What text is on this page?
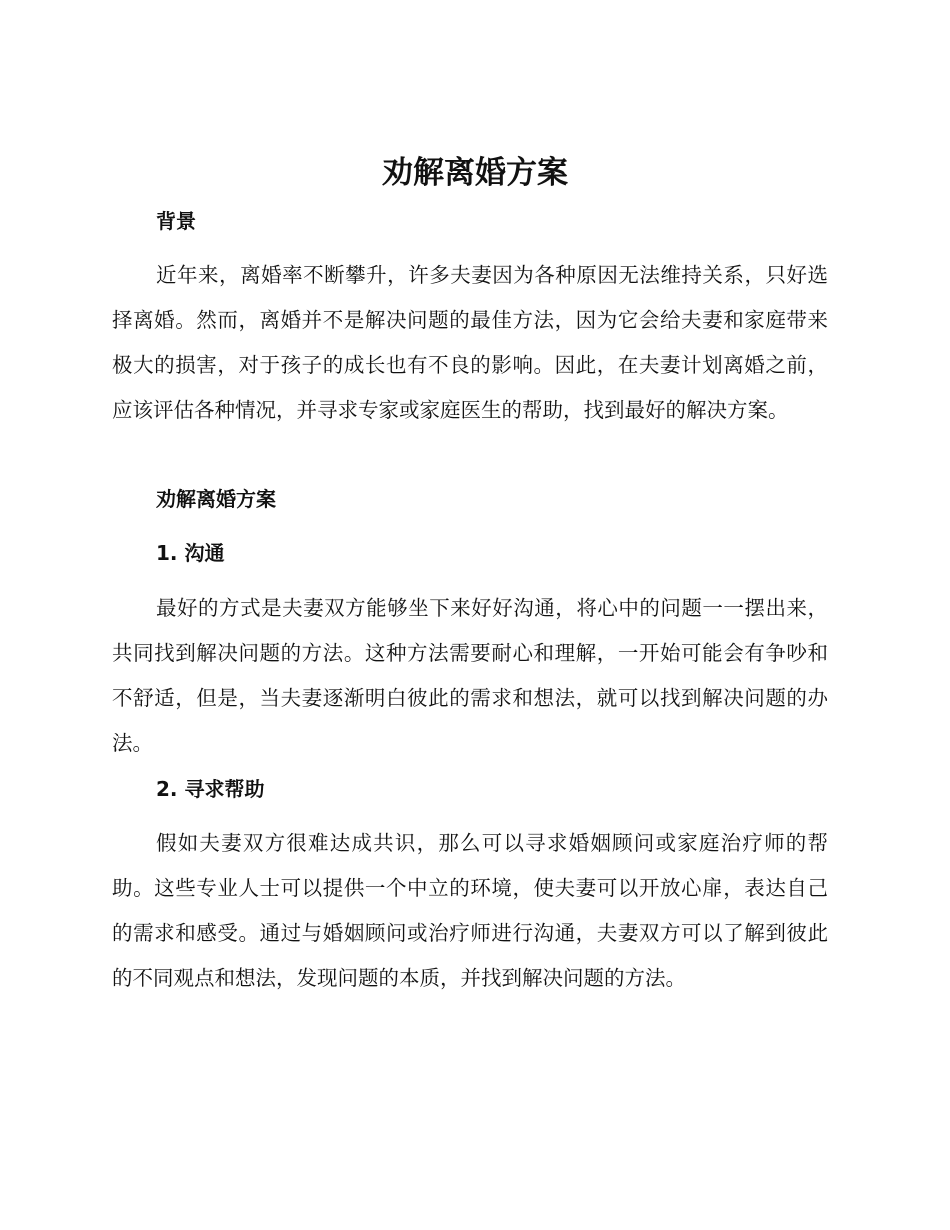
劝解离婚方案
背景

近年来，离婚率不断攀升，许多夫妻因为各种原因无法维持关系，只好选择离婚。然而，离婚并不是解决问题的最佳方法，因为它会给夫妻和家庭带来极大的损害，对于孩子的成长也有不良的影响。因此，在夫妻计划离婚之前，应该评估各种情况，并寻求专家或家庭医生的帮助，找到最好的解决方案。

劝解离婚方案
1. 沟通

最好的方式是夫妻双方能够坐下来好好沟通，将心中的问题一一摆出来，共同找到解决问题的方法。这种方法需要耐心和理解，一开始可能会有争吵和不舒适，但是，当夫妻逐渐明白彼此的需求和想法，就可以找到解决问题的办法。

2. 寻求帮助

假如夫妻双方很难达成共识，那么可以寻求婚姻顾问或家庭治疗师的帮助。这些专业人士可以提供一个中立的环境，使夫妻可以开放心扉，表达自己的需求和感受。通过与婚姻顾问或治疗师进行沟通，夫妻双方可以了解到彼此的不同观点和想法，发现问题的本质，并找到解决问题的方法。
